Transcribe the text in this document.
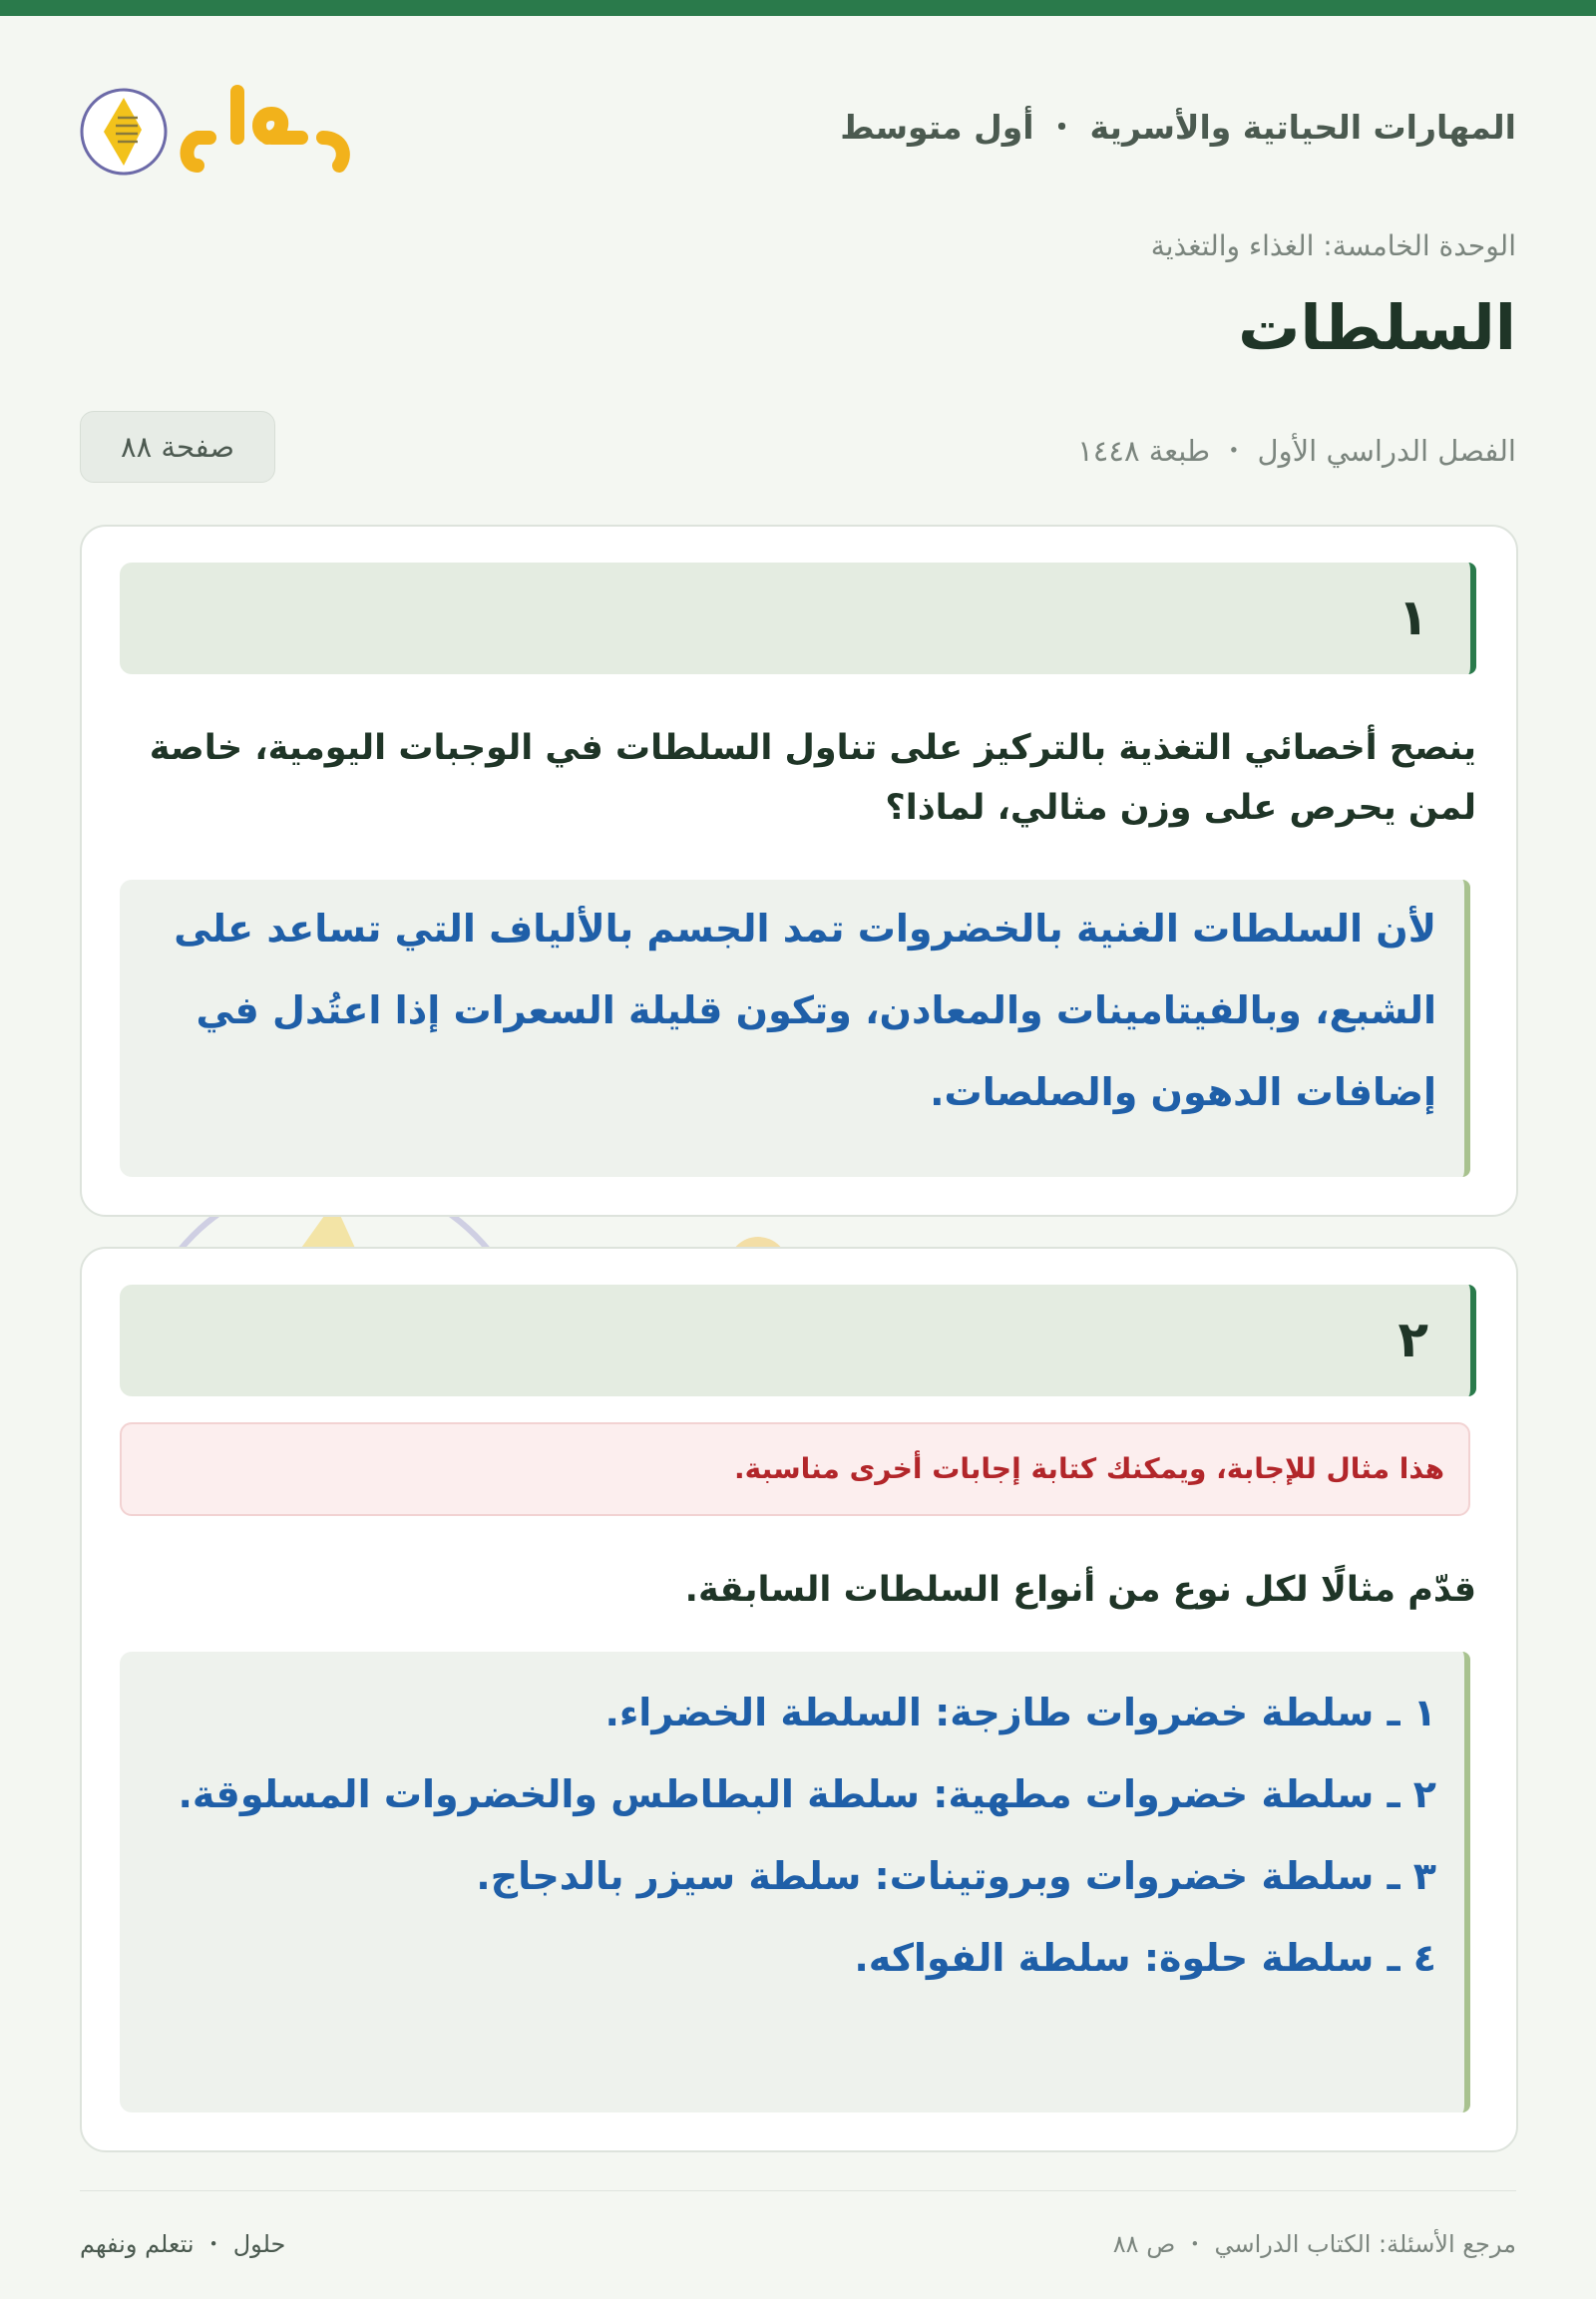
المهارات الحياتية والأسرية ・ أول متوسط
الوحدة الخامسة: الغذاء والتغذية
السلطات
الفصل الدراسي الأول ・ طبعة ١٤٤٨
صفحة ٨٨
١
ينصح أخصائي التغذية بالتركيز على تناول السلطات في الوجبات اليومية، خاصة لمن يحرص على وزن مثالي، لماذا؟
لأن السلطات الغنية بالخضروات تمد الجسم بالألياف التي تساعد على الشبع، وبالفيتامينات والمعادن، وتكون قليلة السعرات إذا اعتُدل في إضافات الدهون والصلصات.
٢
هذا مثال للإجابة، ويمكنك كتابة إجابات أخرى مناسبة.
قدّم مثالًا لكل نوع من أنواع السلطات السابقة.
١ ـ سلطة خضروات طازجة: السلطة الخضراء.
٢ ـ سلطة خضروات مطهية: سلطة البطاطس والخضروات المسلوقة.
٣ ـ سلطة خضروات وبروتينات: سلطة سيزر بالدجاج.
٤ ـ سلطة حلوة: سلطة الفواكه.
مرجع الأسئلة: الكتاب الدراسي ・ ص ٨٨
حلول ・ نتعلم ونفهم
